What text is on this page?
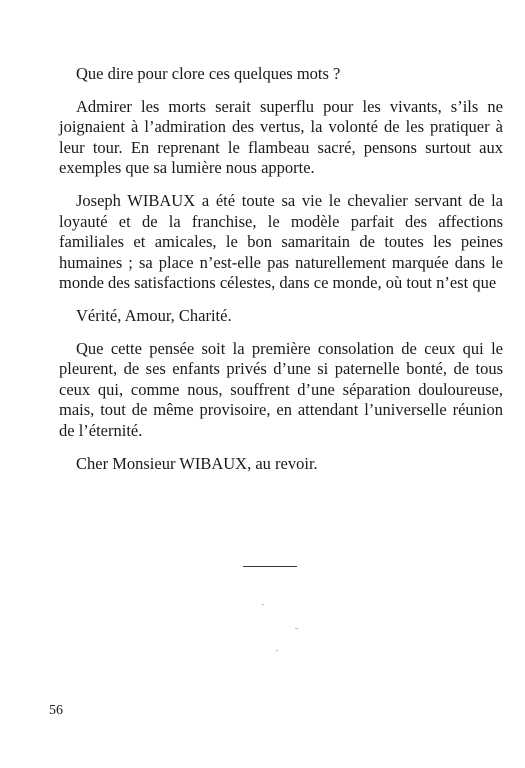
Que dire pour clore ces quelques mots ?

Admirer les morts serait superflu pour les vivants, s’ils ne joignaient à l’admiration des vertus, la volonté de les pratiquer à leur tour. En reprenant le flambeau sacré, pensons surtout aux exemples que sa lumière nous apporte.

Joseph WIBAUX a été toute sa vie le chevalier servant de la loyauté et de la franchise, le modèle parfait des affections familiales et amicales, le bon samaritain de toutes les peines humaines ; sa place n’est-elle pas naturellement marquée dans le monde des satisfactions célestes, dans ce monde, où tout n’est que

Vérité, Amour, Charité.

Que cette pensée soit la première consolation de ceux qui le pleurent, de ses enfants privés d’une si paternelle bonté, de tous ceux qui, comme nous, souffrent d’une séparation douloureuse, mais, tout de même provisoire, en attendant l’universelle réunion de l’éternité.

Cher Monsieur WIBAUX, au revoir.

56
